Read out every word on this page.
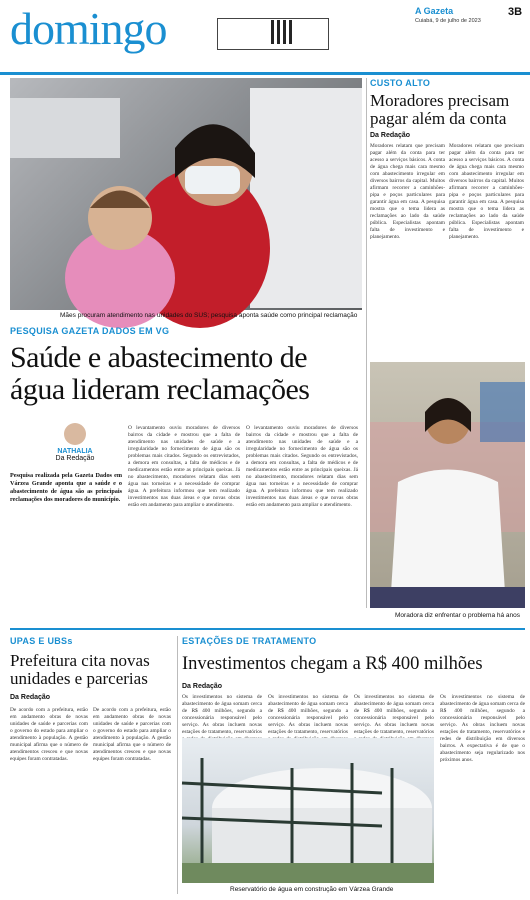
domingo	A Gazeta
Cuiabá, 9 de julho de 2023
3B
Mães procuram atendimento nas unidades do SUS; pesquisa aponta saúde como principal reclamação
CUSTO ALTO
Moradores precisam pagar além da conta
Da Redação
Moradores relatam que precisam pagar além da conta para ter acesso a serviços básicos. A conta de água chega mais cara mesmo com abastecimento irregular em diversos bairros da capital. Muitos afirmam recorrer a caminhões-pipa e poços particulares para garantir água em casa. A pesquisa mostra que o tema lidera as reclamações ao lado da saúde pública. Especialistas apontam falta de investimento e planejamento.
Moradores relatam que precisam pagar além da conta para ter acesso a serviços básicos. A conta de água chega mais cara mesmo com abastecimento irregular em diversos bairros da capital. Muitos afirmam recorrer a caminhões-pipa e poços particulares para garantir água em casa. A pesquisa mostra que o tema lidera as reclamações ao lado da saúde pública. Especialistas apontam falta de investimento e planejamento.
Moradora diz enfrentar o problema há anos
PESQUISA GAZETA DADOS EM VG
Saúde e abastecimento de água lideram reclamações
NATHALIA
Da Redação
Pesquisa realizada pela Gazeta Dados em Várzea Grande aponta que a saúde e o abastecimento de água são as principais reclamações dos moradores do município.
O levantamento ouviu moradores de diversos bairros da cidade e mostrou que a falta de atendimento nas unidades de saúde e a irregularidade no fornecimento de água são os problemas mais citados. Segundo os entrevistados, a demora em consultas, a falta de médicos e de medicamentos estão entre as principais queixas. Já no abastecimento, moradores relatam dias sem água nas torneiras e a necessidade de comprar água. A prefeitura informou que tem realizado investimentos nas duas áreas e que novas obras estão em andamento para ampliar o atendimento.
O levantamento ouviu moradores de diversos bairros da cidade e mostrou que a falta de atendimento nas unidades de saúde e a irregularidade no fornecimento de água são os problemas mais citados. Segundo os entrevistados, a demora em consultas, a falta de médicos e de medicamentos estão entre as principais queixas. Já no abastecimento, moradores relatam dias sem água nas torneiras e a necessidade de comprar água. A prefeitura informou que tem realizado investimentos nas duas áreas e que novas obras estão em andamento para ampliar o atendimento.
UPAS E UBSs
Prefeitura cita novas unidades e parcerias
Da Redação
De acordo com a prefeitura, estão em andamento obras de novas unidades de saúde e parcerias com o governo do estado para ampliar o atendimento à população. A gestão municipal afirma que o número de atendimentos cresceu e que novas equipes foram contratadas.
De acordo com a prefeitura, estão em andamento obras de novas unidades de saúde e parcerias com o governo do estado para ampliar o atendimento à população. A gestão municipal afirma que o número de atendimentos cresceu e que novas equipes foram contratadas.
ESTAÇÕES DE TRATAMENTO
Investimentos chegam a R$ 400 milhões
Da Redação
Os investimentos no sistema de abastecimento de água somam cerca de R$ 400 milhões, segundo a concessionária responsável pelo serviço. As obras incluem novas estações de tratamento, reservatórios
Os investimentos no sistema de abastecimento de água somam cerca de R$ 400 milhões, segundo a concessionária responsável pelo serviço. As obras incluem novas estações de tratamento, reservatórios
Os investimentos no sistema de abastecimento de água somam cerca de R$ 400 milhões, segundo a concessionária responsável pelo serviço. As obras incluem novas estações de tratamento, reservatórios
Os investimentos no sistema de abastecimento de água somam cerca de R$ 400 milhões, segundo a concessionária responsável pelo serviço. As obras incluem novas estações de tratamento, reservatórios e redes de distribuição em diversos bairros. A expectativa é de que o abastecimento seja regularizado nos próximos anos.
Reservatório de água em construção em Várzea Grande
